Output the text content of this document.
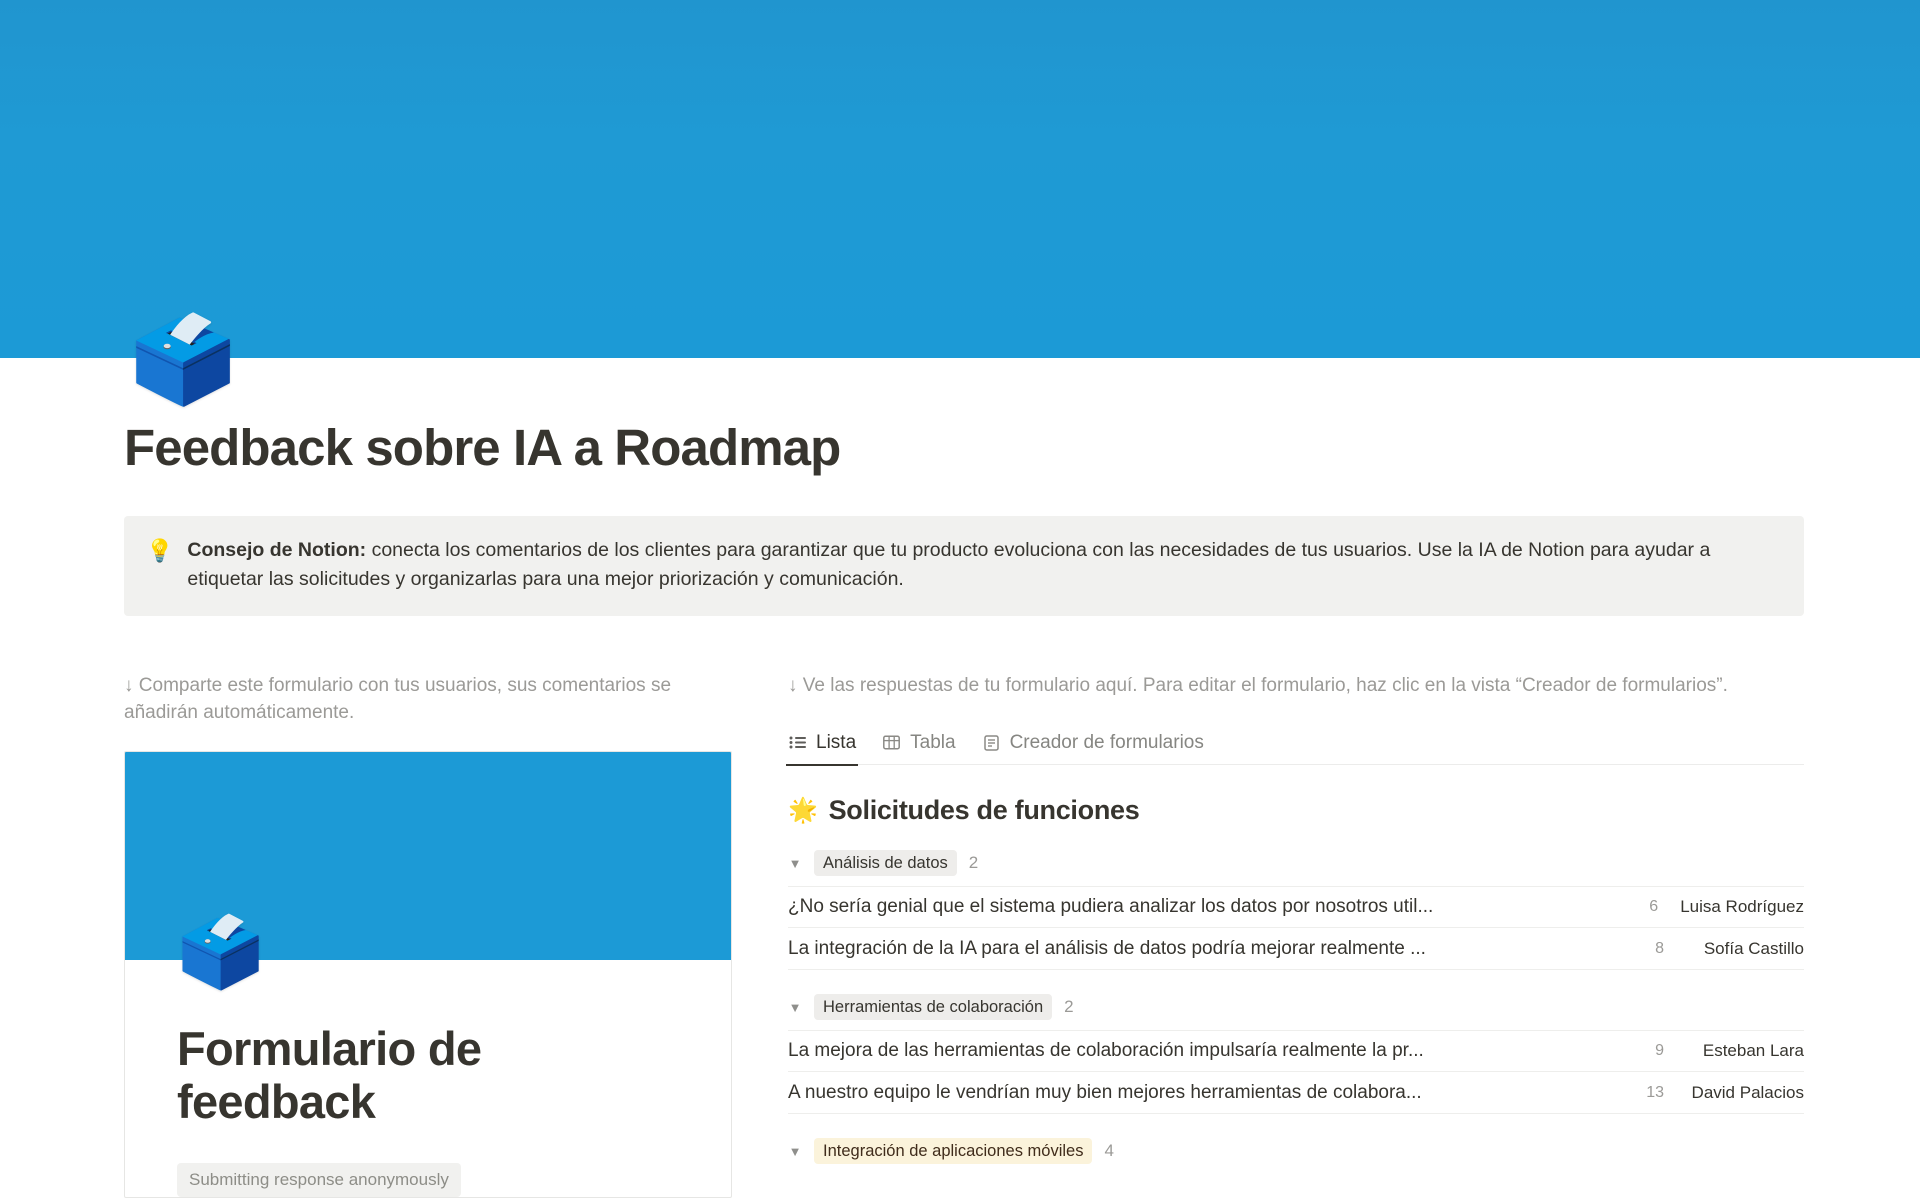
🗳️
Feedback sobre IA a Roadmap
💡 Consejo de Notion: conecta los comentarios de los clientes para garantizar que tu producto evoluciona con las necesidades de tus usuarios. Use la IA de Notion para ayudar a etiquetar las solicitudes y organizarlas para una mejor priorización y comunicación.
↓ Comparte este formulario con tus usuarios, sus comentarios se añadirán automáticamente.
🗳️
Formulario de feedback
Submitting response anonymously
↓ Ve las respuestas de tu formulario aquí. Para editar el formulario, haz clic en la vista “Creador de formularios”.
Lista	Tabla	Creador de formularios
🌟 Solicitudes de funciones
▼	Análisis de datos	2
¿No sería genial que el sistema pudiera analizar los datos por nosotros util...	6 Luisa Rodríguez
La integración de la IA para el análisis de datos podría mejorar realmente ...	8	Sofía Castillo
▼	Herramientas de colaboración	2
La mejora de las herramientas de colaboración impulsaría realmente la pr...	9	Esteban Lara
A nuestro equipo le vendrían muy bien mejores herramientas de colabora...	13	David Palacios
▼	Integración de aplicaciones móviles	4
